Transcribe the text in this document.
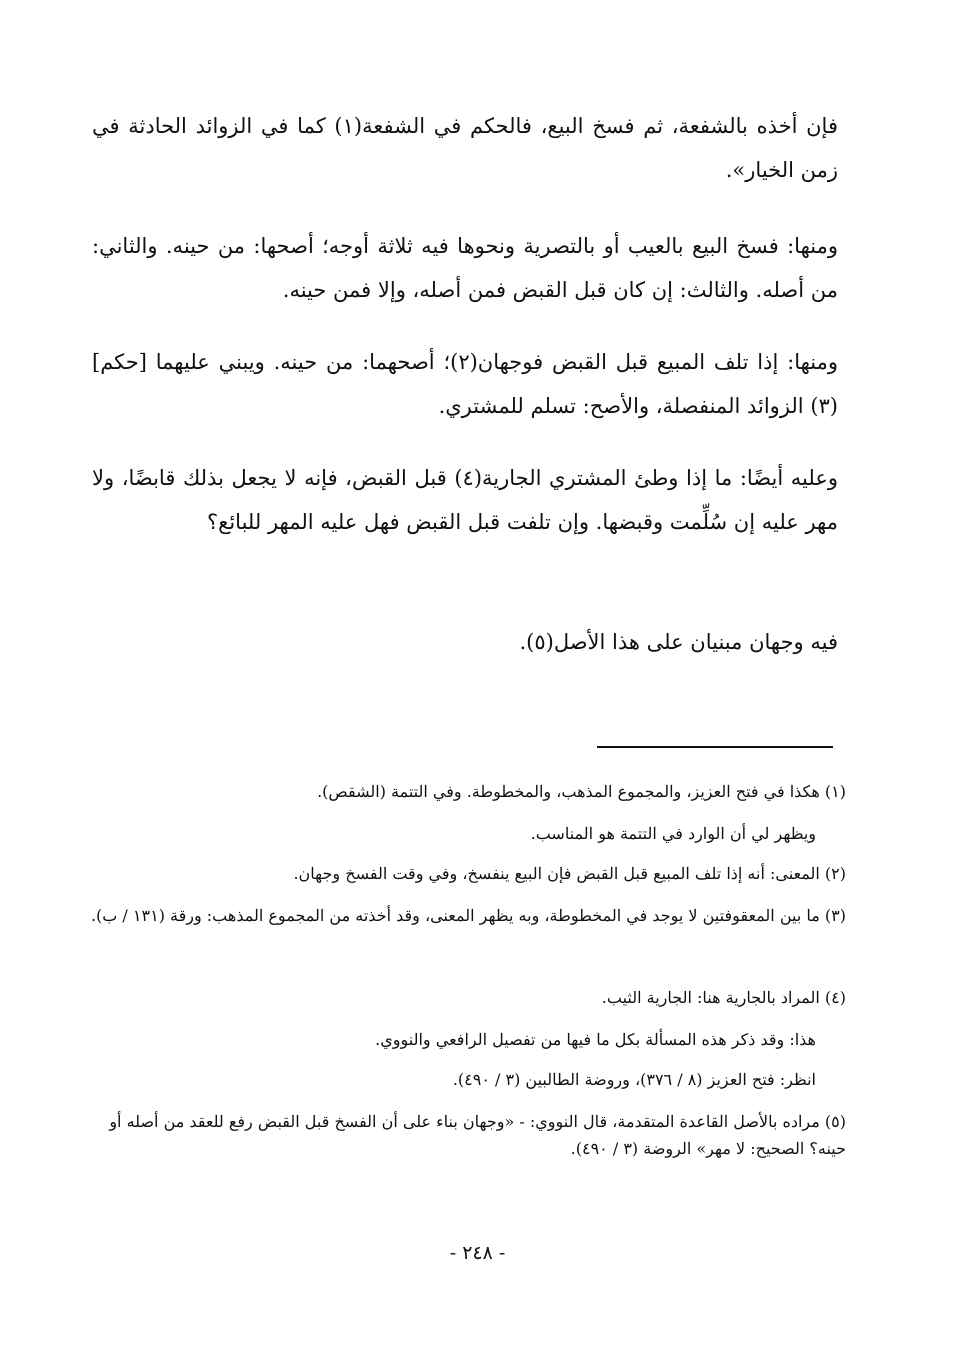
فإن أخذه بالشفعة، ثم فسخ البيع، فالحكم في الشفعة(١) كما في الزوائد الحادثة في زمن الخيار».

ومنها: فسخ البيع بالعيب أو بالتصرية ونحوها فيه ثلاثة أوجه؛ أصحها: من حينه. والثاني: من أصله. والثالث: إن كان قبل القبض فمن أصله، وإلا فمن حينه.

ومنها: إذا تلف المبيع قبل القبض فوجهان(٢)؛ أصحهما: من حينه. ويبني عليهما [حكم](٣) الزوائد المنفصلة، والأصح: تسلم للمشتري.

وعليه أيضًا: ما إذا وطئ المشتري الجارية(٤) قبل القبض، فإنه لا يجعل بذلك قابضًا، ولا مهر عليه إن سُلِّمت وقبضها. وإن تلفت قبل القبض فهل عليه المهر للبائع؟

فيه وجهان مبنيان على هذا الأصل(٥).

(١) هكذا في فتح العزيز، والمجموع المذهب، والمخطوطة. وفي التتمة (الشقص).
ويظهر لي أن الوارد في التتمة هو المناسب.
(٢) المعنى: أنه إذا تلف المبيع قبل القبض فإن البيع ينفسخ، وفي وقت الفسخ وجهان.
(٣) ما بين المعقوفتين لا يوجد في المخطوطة، وبه يظهر المعنى، وقد أخذته من المجموع المذهب: ورقة (١٣١ / ب).
(٤) المراد بالجارية هنا: الجارية الثيب.
هذا: وقد ذكر هذه المسألة بكل ما فيها من تفصيل الرافعي والنووي.
انظر: فتح العزيز (٨ / ٣٧٦)، وروضة الطالبين (٣ / ٤٩٠).
(٥) مراده بالأصل القاعدة المتقدمة، قال النووي: - «وجهان بناء على أن الفسخ قبل القبض رفع للعقد من أصله أو حينه؟ الصحيح: لا مهر» الروضة (٣ / ٤٩٠).
- ٢٤٨ -
